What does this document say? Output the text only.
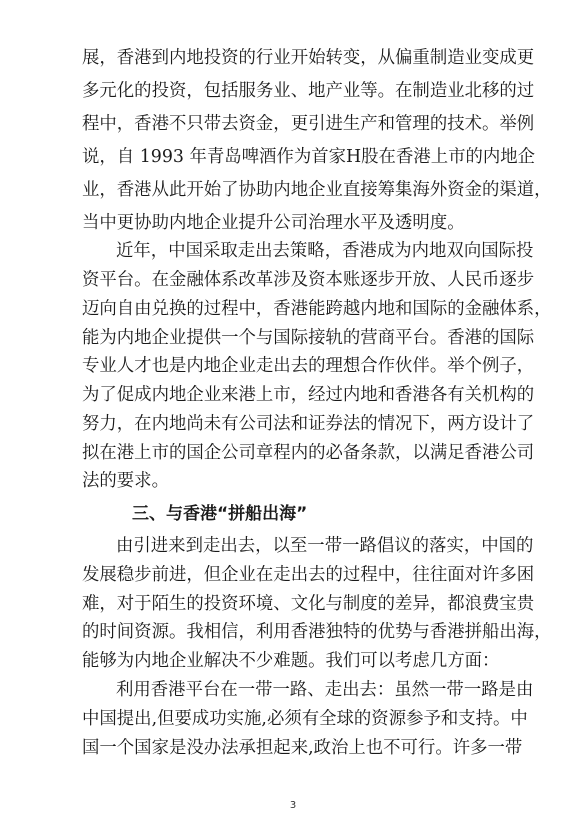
展，香港到内地投资的行业开始转变，从偏重制造业变成更
多元化的投资，包括服务业、地产业等。在制造业北移的过
程中，香港不只带去资金，更引进生产和管理的技术。举例
说，自 1993 年青岛啤酒作为首家H股在香港上市的内地企
业，香港从此开始了协助内地企业直接筹集海外资金的渠道，
当中更协助内地企业提升公司治理水平及透明度。
近年，中国采取走出去策略，香港成为内地双向国际投
资平台。在金融体系改革涉及资本账逐步开放、人民币逐步
迈向自由兑换的过程中，香港能跨越内地和国际的金融体系，
能为内地企业提供一个与国际接轨的营商平台。香港的国际
专业人才也是内地企业走出去的理想合作伙伴。举个例子，
为了促成内地企业来港上市，经过内地和香港各有关机构的
努力，在内地尚未有公司法和证券法的情况下，两方设计了
拟在港上市的国企公司章程内的必备条款，以满足香港公司
法的要求。
三、与香港“拼船出海”
由引进来到走出去，以至一带一路倡议的落实，中国的
发展稳步前进，但企业在走出去的过程中，往往面对许多困
难，对于陌生的投资环境、文化与制度的差异，都浪费宝贵
的时间资源。我相信，利用香港独特的优势与香港拼船出海，
能够为内地企业解决不少难题。我们可以考虑几方面：
利用香港平台在一带一路、走出去：虽然一带一路是由
中国提出,但要成功实施,必须有全球的资源参予和支持。中
国一个国家是没办法承担起来,政治上也不可行。许多一带
3
